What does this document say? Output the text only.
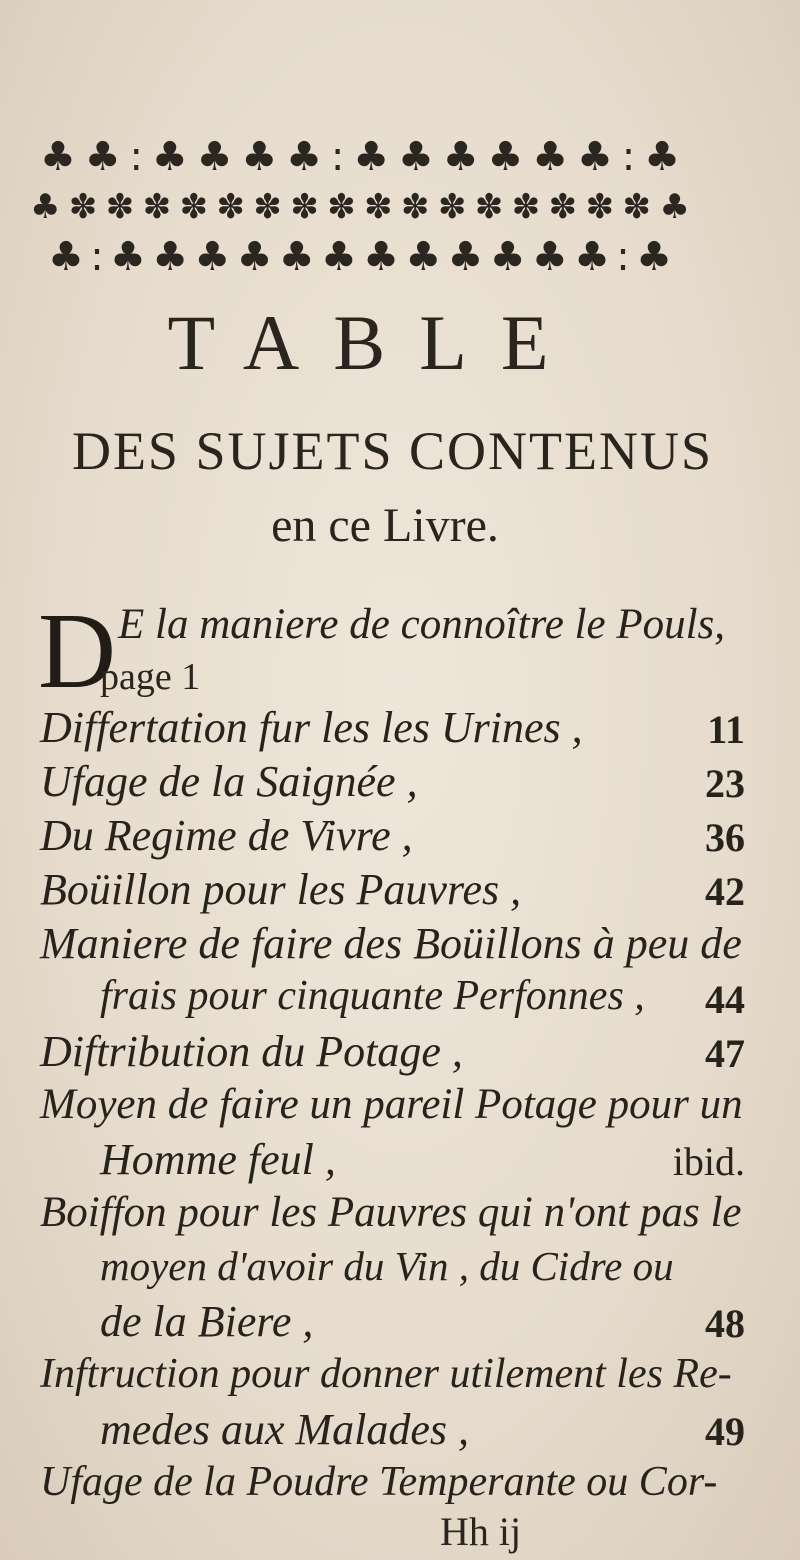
♣ ♣ : ♣ ♣ ♣ ♣ : ♣ ♣ ♣ ♣ ♣ ♣ : ♣
♣ ✽ ✽ ✽ ✽ ✽ ✽ ✽ ✽ ✽ ✽ ✽ ✽ ✽ ✽ ✽ ✽ ♣
♣ : ♣ ♣ ♣ ♣ ♣ ♣ ♣ ♣ ♣ ♣ ♣ ♣ : ♣
TABLE
DES SUJETS CONTENUS
en ce Livre.
D E la maniere de connoître le Pouls,
page 1
Differtation fur les les Urines ,	11
Ufage de la Saignée ,	23
Du Regime de Vivre ,	36
Boüillon pour les Pauvres ,	42
Maniere de faire des Boüillons à peu de
frais pour cinquante Perfonnes , 44
Diftribution du Potage ,	47
Moyen de faire un pareil Potage pour un
Homme feul ,	ibid.
Boiffon pour les Pauvres qui n'ont pas le
moyen d'avoir du Vin , du Cidre ou
de la Biere ,	48
Inftruction pour donner utilement les Re-
medes aux Malades ,	49
Ufage de la Poudre Temperante ou Cor-
Hh ij
